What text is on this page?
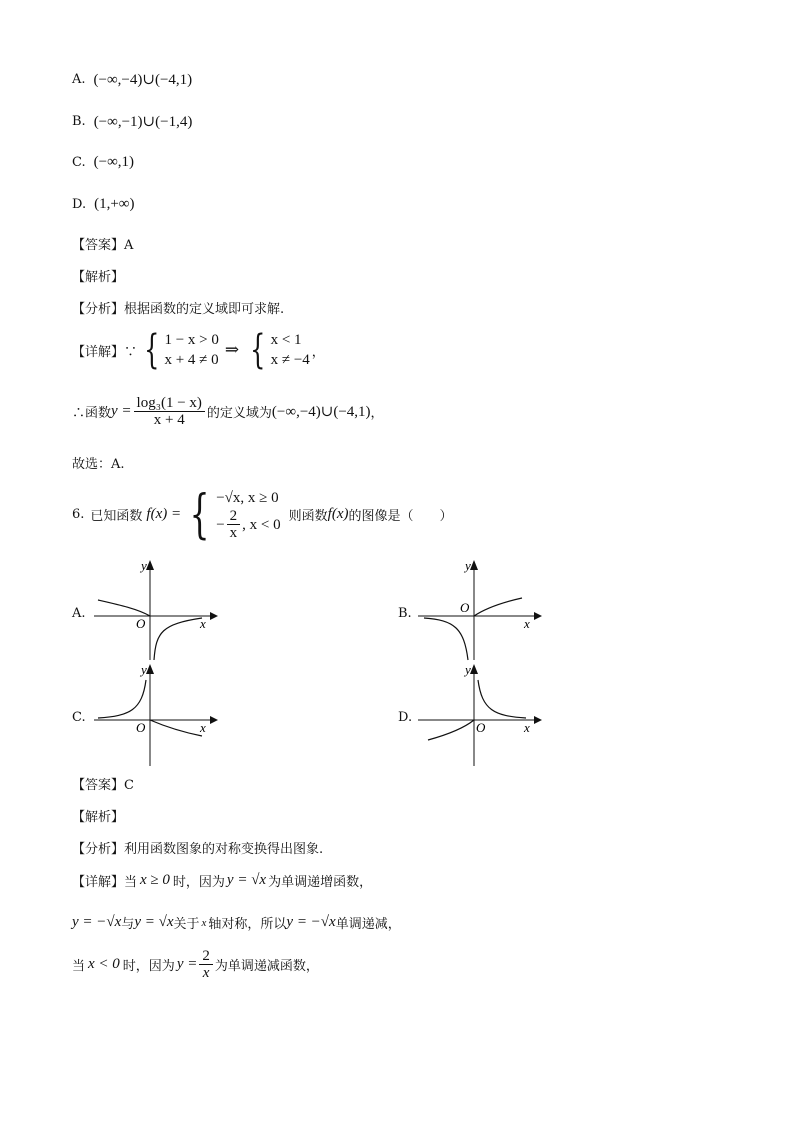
A. (−∞,−4)∪(−4,1)
B. (−∞,−1)∪(−1,4)
C. (−∞,1)
D. (1,+∞)
【答案】A
【解析】
【分析】根据函数的定义域即可求解.
【详解】∵ { 1 − x > 0
x + 4 ≠ 0
⇒ { x < 1
x ≠ −4 ，
∴函数 $y = \frac{\text{log₃(1 − x)}}{x + 4}$ 的定义域为 (−∞,−4)∪(−4,1) ，
故选：A.
6. 已知函数 f(x) = { −√x, x ≥ 0
− $\frac{2}{x}$ , x < 0 则函数 f(x) 的图像是（　　）
A.
y
x
O
B.
y
x
O
C.
y
x
O
D.
y
x
O
【答案】C
【解析】
【分析】利用函数图象的对称变换得出图象.
【详解】当 x ≥ 0 时，因为 y = √x 为单调递增函数，
y = −√x 与 y = √x 关于 x 轴对称，所以 y = −√x 单调递减，
当 x < 0 时，因为 $y = \frac{2}{x}$ 为单调递减函数，
